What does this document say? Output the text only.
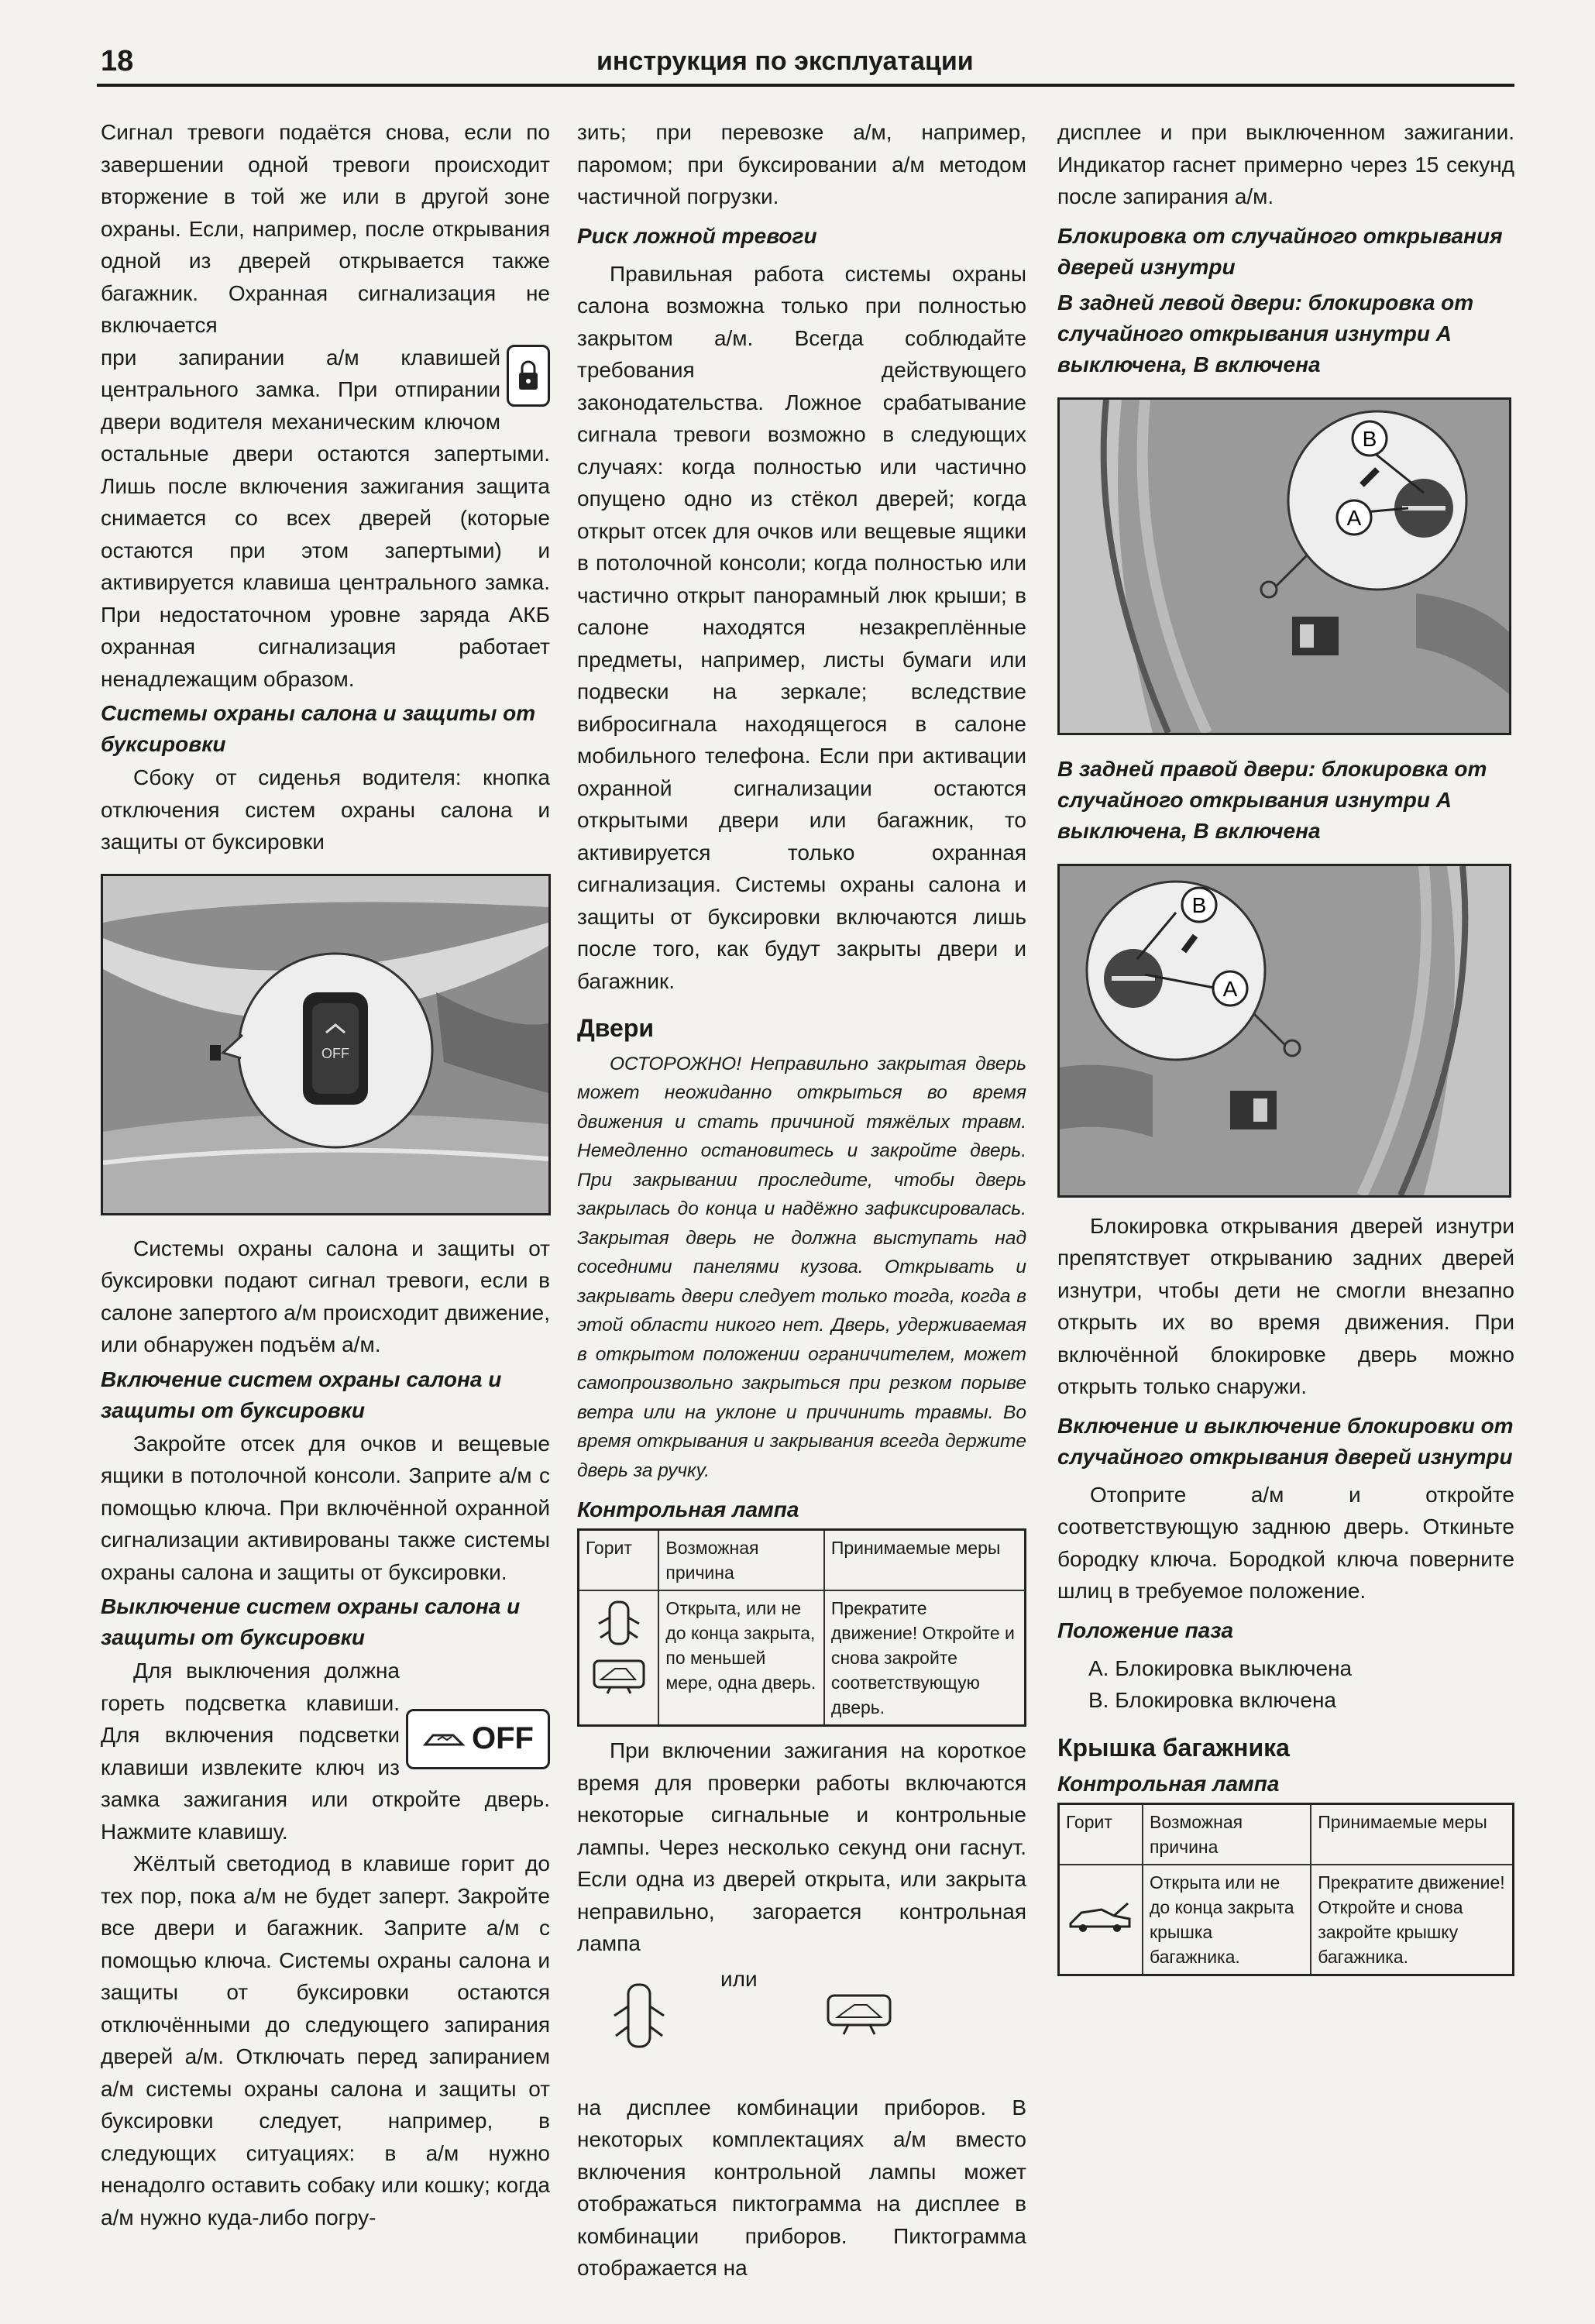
18	инструкция по эксплуатации

Сигнал тревоги подаётся снова, если по завершении одной тревоги происходит вторжение в той же или в другой зоне охраны. Если, например, после открывания одной из дверей открывается также багажник. Охранная сигнализация не включается

при запирании а/м клавишей центрального замка. При отпирании двери водителя механическим ключом остальные двери остаются запертыми. Лишь после включения зажигания защита снимается со всех дверей (которые остаются при этом запертыми) и активируется клавиша центрального замка. При недостаточном уровне заряда АКБ охранная сигнализация работает ненадлежащим образом.

Системы охраны салона и защиты от буксировки

Сбоку от сиденья водителя: кнопка отключения систем охраны салона и защиты от буксировки

OFF

Системы охраны салона и защиты от буксировки подают сигнал тревоги, если в салоне запертого а/м происходит движение, или обнаружен подъём а/м.

Включение систем охраны салона и защиты от буксировки

Закройте отсек для очков и вещевые ящики в потолочной консоли. Заприте а/м с помощью ключа. При включённой охранной сигнализации активированы также системы охраны салона и защиты от буксировки.

Выключение систем охраны салона и защиты от буксировки
OFF

Для выключения должна гореть подсветка клавиши. Для включения подсветки клавиши извлеките ключ из замка зажигания или откройте дверь. Нажмите клавишу.

Жёлтый светодиод в клавише горит до тех пор, пока а/м не будет заперт. Закройте все двери и багажник. Заприте а/м с помощью ключа. Системы охраны салона и защиты от буксировки остаются отключёнными до следующего запирания дверей а/м. Отключать перед запиранием а/м системы охраны салона и защиты от буксировки следует, например, в следующих ситуациях: в а/м нужно ненадолго оставить собаку или кошку; когда а/м нужно куда-либо погру-

зить; при перевозке а/м, например, паромом; при буксировании а/м методом частичной погрузки.

Риск ложной тревоги

Правильная работа системы охраны салона возможна только при полностью закрытом а/м. Всегда соблюдайте требования действующего законодательства. Ложное срабатывание сигнала тревоги возможно в следующих случаях: когда полностью или частично опущено одно из стёкол дверей; когда открыт отсек для очков или вещевые ящики в потолочной консоли; когда полностью или частично открыт панорамный люк крыши; в салоне находятся незакреплённые предметы, например, листы бумаги или подвески на зеркале; вследствие вибросигнала находящегося в салоне мобильного телефона. Если при активации охранной сигнализации остаются открытыми двери или багажник, то активируется только охранная сигнализация. Системы охраны салона и защиты от буксировки включаются лишь после того, как будут закрыты двери и багажник.

Двери

ОСТОРОЖНО! Неправильно закрытая дверь может неожиданно открыться во время движения и стать причиной тяжёлых травм. Немедленно остановитесь и закройте дверь. При закрывании проследите, чтобы дверь закрылась до конца и надёжно зафиксировалась. Закрытая дверь не должна выступать над соседними панелями кузова. Открывать и закрывать двери следует только тогда, когда в этой области никого нет. Дверь, удерживаемая в открытом положении ограничителем, может самопроизвольно закрыться при резком порыве ветра или на уклоне и причинить травмы. Во время открывания и закрывания всегда держите дверь за ручку.

Контрольная лампа
Горит	Возможная причина	Принимаемые меры

	Открыта, или не до конца закрыта, по меньшей мере, одна дверь.	Прекратите движение! Откройте и снова закройте соответствующую дверь.

При включении зажигания на короткое время для проверки работы включаются некоторые сигнальные и контрольные лампы. Через несколько секунд они гаснут. Если одна из дверей открыта, или закрыта неправильно, загорается контрольная лампа

или

на дисплее комбинации приборов. В некоторых комплектациях а/м вместо включения контрольной лампы может отображаться пиктограмма на дисплее в комбинации приборов. Пиктограмма отображается на

дисплее и при выключенном зажигании. Индикатор гаснет примерно через 15 секунд после запирания а/м.

Блокировка от случайного открывания дверей изнутри
В задней левой двери: блокировка от случайного открывания изнутри А выключена, В включена
A
B
В задней правой двери: блокировка от случайного открывания изнутри А выключена, В включена
A
B

Блокировка открывания дверей изнутри препятствует открыванию задних дверей изнутри, чтобы дети не смогли внезапно открыть их во время движения. При включённой блокировке дверь можно открыть только снаружи.

Включение и выключение блокировки от случайного открывания дверей изнутри

Отоприте а/м и откройте соответствующую заднюю дверь. Откиньте бородку ключа. Бородкой ключа поверните шлиц в требуемое положение.

Положение паза
А. Блокировка выключена
В. Блокировка включена
Крышка багажника
Контрольная лампа
Горит	Возможная причина	Принимаемые меры
	Открыта или не до конца закрыта крышка багажника.	Прекратите движение! Откройте и снова закройте крышку багажника.
